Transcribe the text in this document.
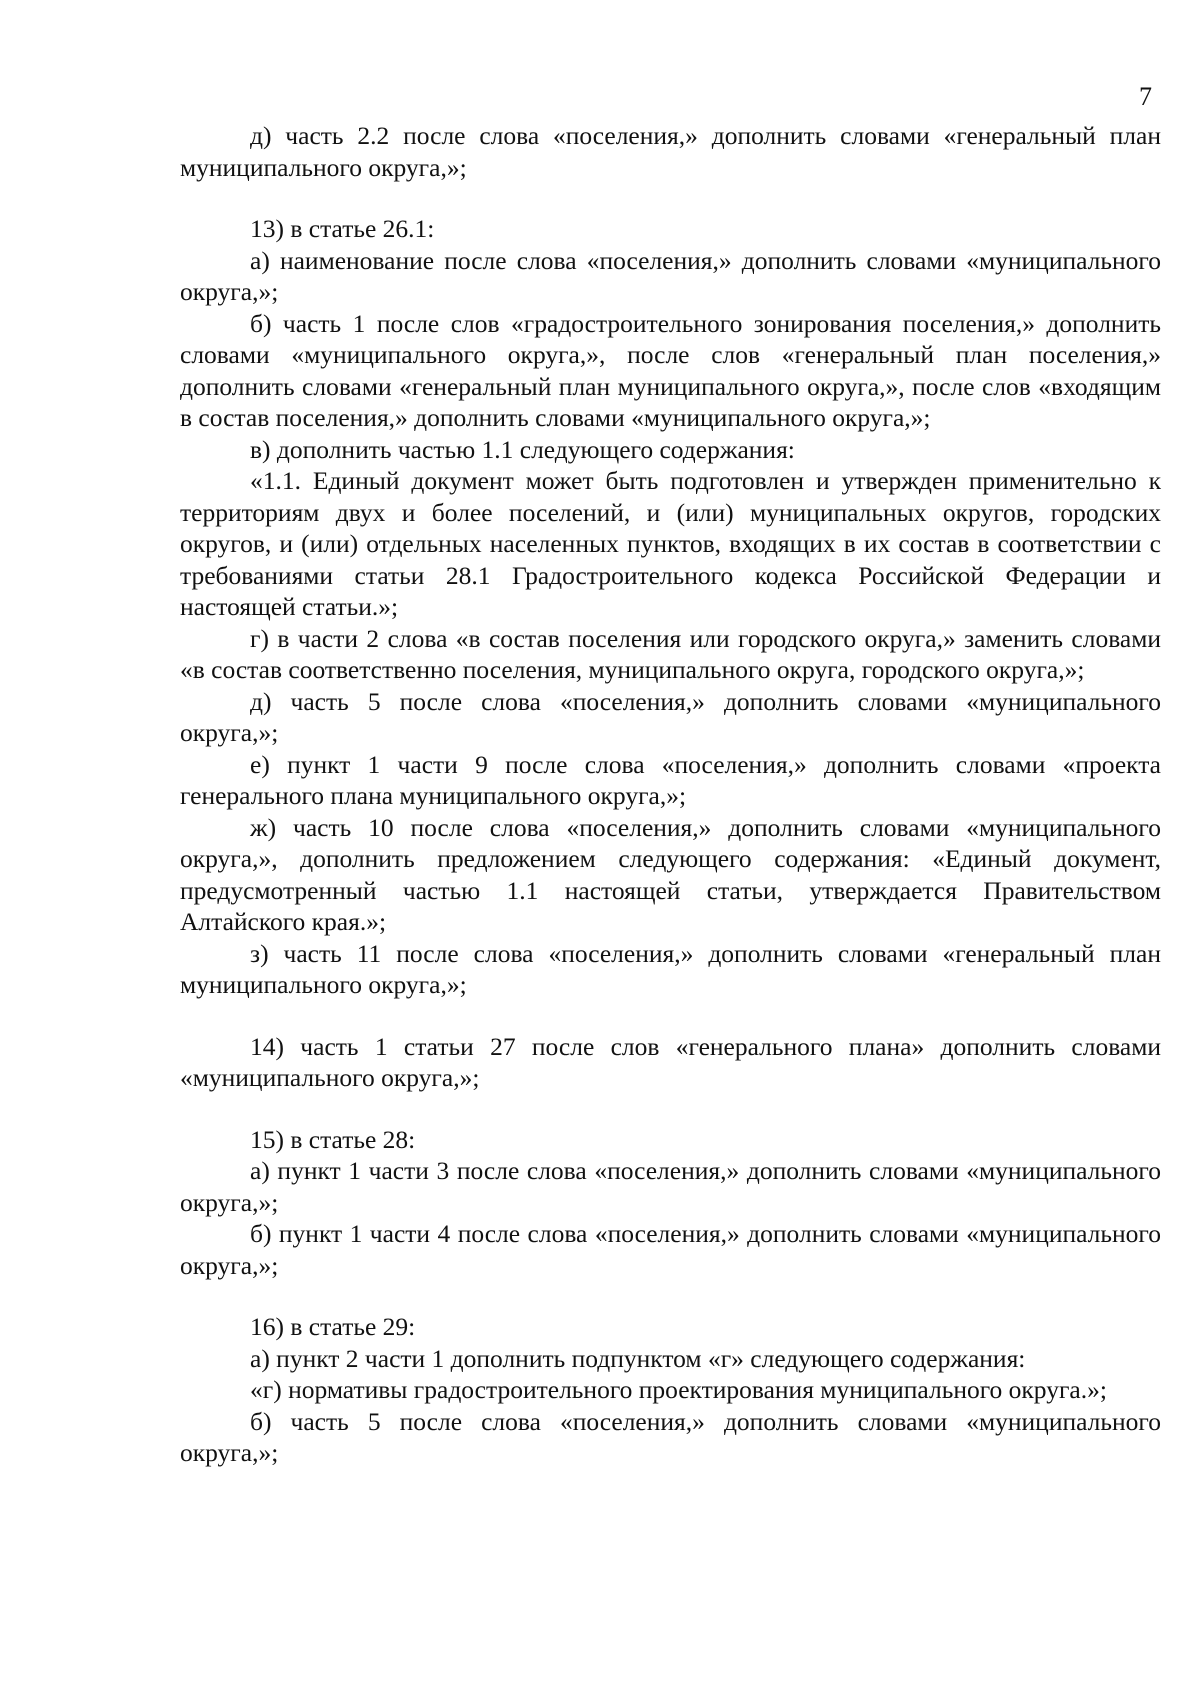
7

д) часть 2.2 после слова «поселения,» дополнить словами «генеральный план муниципального округа,»;

13) в статье 26.1:

а) наименование после слова «поселения,» дополнить словами «муниципального округа,»;

б) часть 1 после слов «градостроительного зонирования поселения,» дополнить словами «муниципального округа,», после слов «генеральный план поселения,» дополнить словами «генеральный план муниципального округа,», после слов «входящим в состав поселения,» дополнить словами «муниципального округа,»;

в) дополнить частью 1.1 следующего содержания:

«1.1. Единый документ может быть подготовлен и утвержден применительно к территориям двух и более поселений, и (или) муниципальных округов, городских округов, и (или) отдельных населенных пунктов, входящих в их состав в соответствии с требованиями статьи 28.1 Градостроительного кодекса Российской Федерации и настоящей статьи.»;

г) в части 2 слова «в состав поселения или городского округа,» заменить словами «в состав соответственно поселения, муниципального округа, городского округа,»;

д) часть 5 после слова «поселения,» дополнить словами «муниципального округа,»;

е) пункт 1 части 9 после слова «поселения,» дополнить словами «проекта генерального плана муниципального округа,»;

ж) часть 10 после слова «поселения,» дополнить словами «муниципального округа,», дополнить предложением следующего содержания: «Единый документ, предусмотренный частью 1.1 настоящей статьи, утверждается Правительством Алтайского края.»;

з) часть 11 после слова «поселения,» дополнить словами «генеральный план муниципального округа,»;

14) часть 1 статьи 27 после слов «генерального плана» дополнить словами «муниципального округа,»;

15) в статье 28:

а) пункт 1 части 3 после слова «поселения,» дополнить словами «муниципального округа,»;

б) пункт 1 части 4 после слова «поселения,» дополнить словами «муниципального округа,»;

16) в статье 29:

а) пункт 2 части 1 дополнить подпунктом «г» следующего содержания:

«г) нормативы градостроительного проектирования муниципального округа.»;

б) часть 5 после слова «поселения,» дополнить словами «муниципального округа,»;
